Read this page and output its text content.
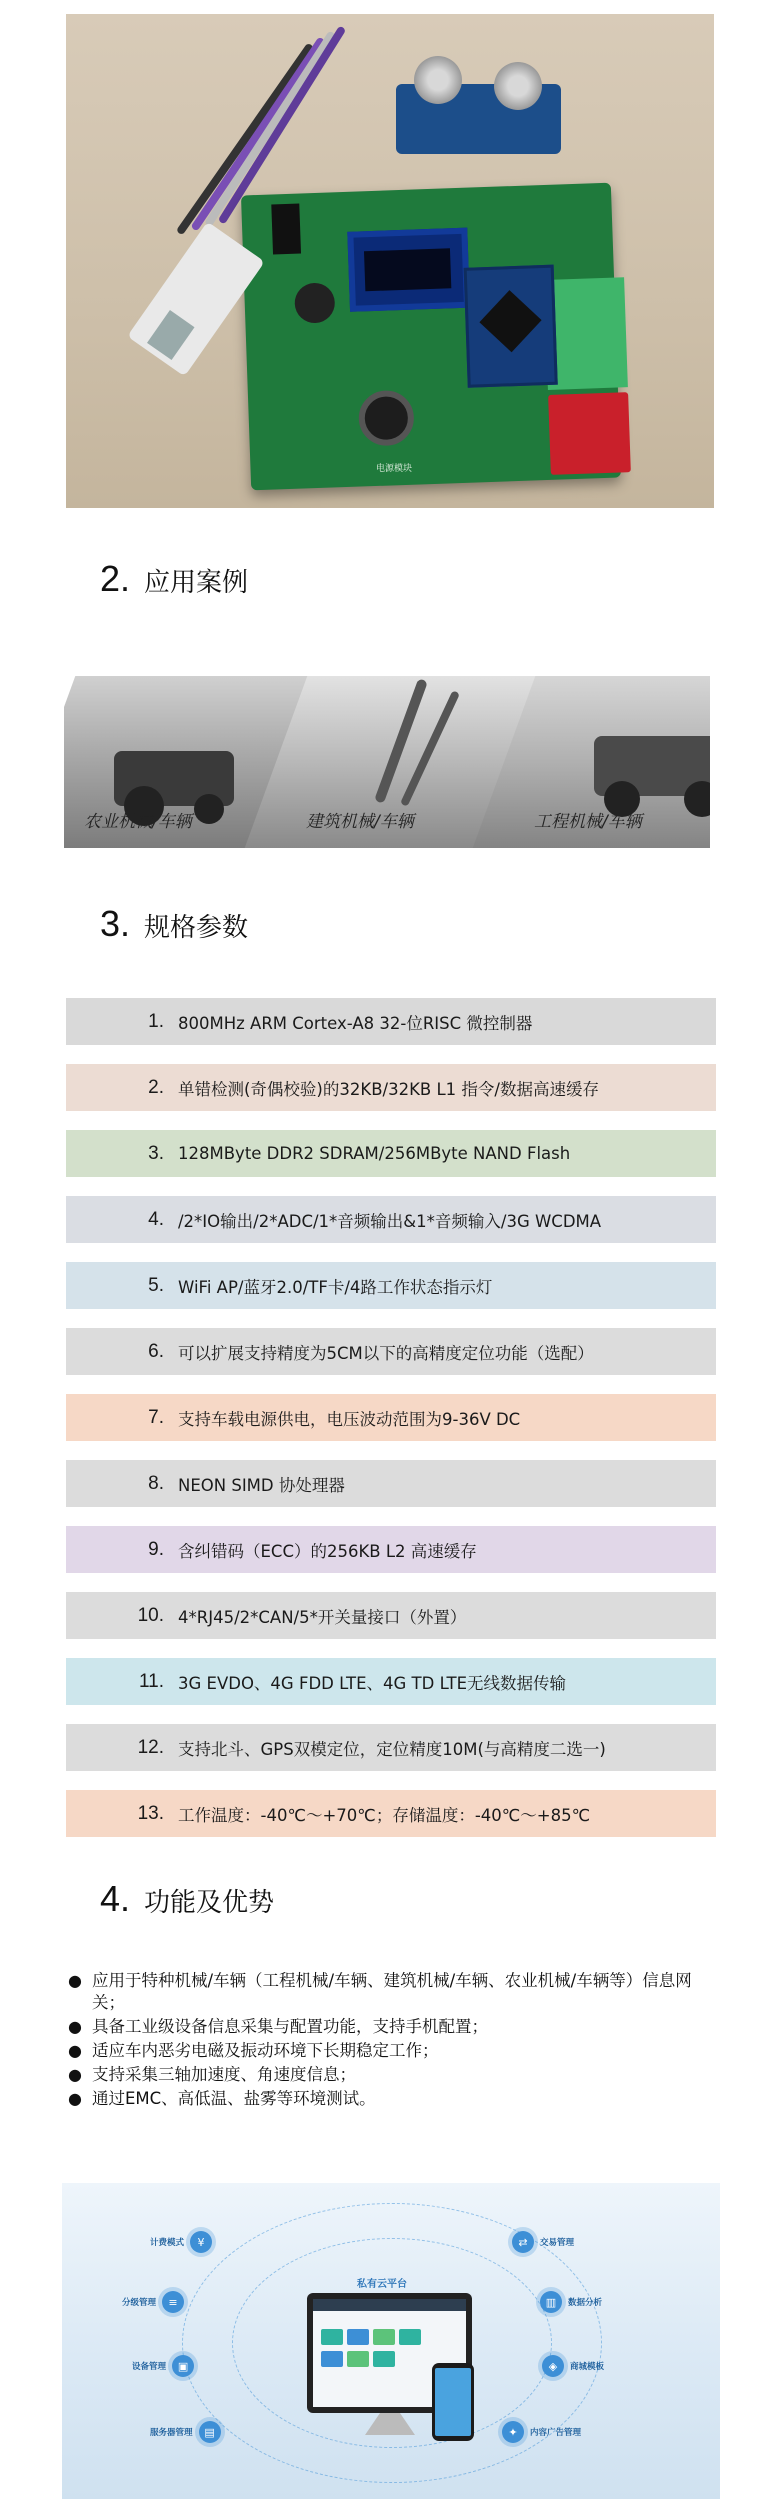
电源模块
2. 应用案例
农业机械/车辆	建筑机械/车辆	工程机械/车辆
3. 规格参数
1. 800MHz ARM Cortex-A8 32-位RISC 微控制器
2. 单错检测(奇偶校验)的32KB/32KB L1 指令/数据高速缓存
3. 128MByte DDR2 SDRAM/256MByte NAND Flash
4. /2*IO输出/2*ADC/1*音频输出&1*音频输入/3G WCDMA
5. WiFi AP/蓝牙2.0/TF卡/4路工作状态指示灯
6. 可以扩展支持精度为5CM以下的高精度定位功能（选配）
7. 支持车载电源供电，电压波动范围为9-36V DC
8. NEON SIMD 协处理器
9. 含纠错码（ECC）的256KB L2 高速缓存
10. 4*RJ45/2*CAN/5*开关量接口（外置）
11. 3G EVDO、4G FDD LTE、4G TD LTE无线数据传输
12. 支持北斗、GPS双模定位，定位精度10M(与高精度二选一)
13. 工作温度：-40℃～+70℃；存储温度：-40℃～+85℃
4. 功能及优势
● 应用于特种机械/车辆（工程机械/车辆、建筑机械/车辆、农业机械/车辆等）信息网关；
● 具备工业级设备信息采集与配置功能，支持手机配置；
● 适应车内恶劣电磁及振动环境下长期稳定工作；
● 支持采集三轴加速度、角速度信息；
● 通过EMC、高低温、盐雾等环境测试。
私有云平台
计费模式	¥
分级管理	≡
设备管理	▣
服务器管理	▤
⇄	交易管理
▥	数据分析
◈	商城模板
✦	内容广告管理
